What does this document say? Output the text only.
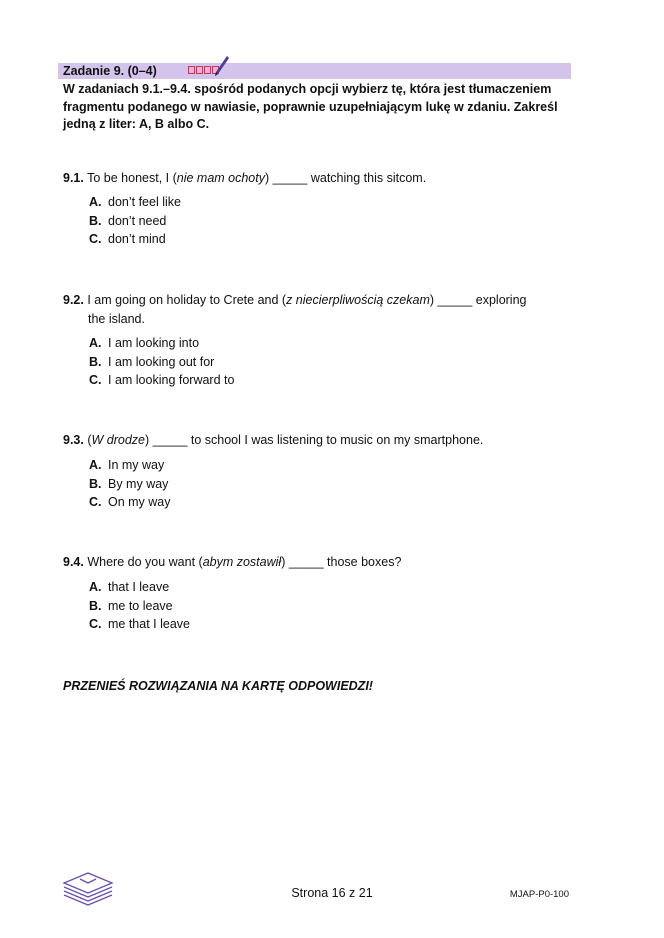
Zadanie 9. (0–4)
W zadaniach 9.1.–9.4. spośród podanych opcji wybierz tę, która jest tłumaczeniem fragmentu podanego w nawiasie, poprawnie uzupełniającym lukę w zdaniu. Zakreśl jedną z liter: A, B albo C.
9.1. To be honest, I (nie mam ochoty) _____ watching this sitcom.
A. don’t feel like
B. don’t need
C. don’t mind
9.2. I am going on holiday to Crete and (z niecierpliwością czekam) _____ exploring
the island.
A. I am looking into
B. I am looking out for
C. I am looking forward to
9.3. (W drodze) _____ to school I was listening to music on my smartphone.
A. In my way
B. By my way
C. On my way
9.4. Where do you want (abym zostawił) _____ those boxes?
A. that I leave
B. me to leave
C. me that I leave
PRZENIEŚ ROZWIĄZANIA NA KARTĘ ODPOWIEDZI!
Strona 16 z 21	MJAP-P0-100
